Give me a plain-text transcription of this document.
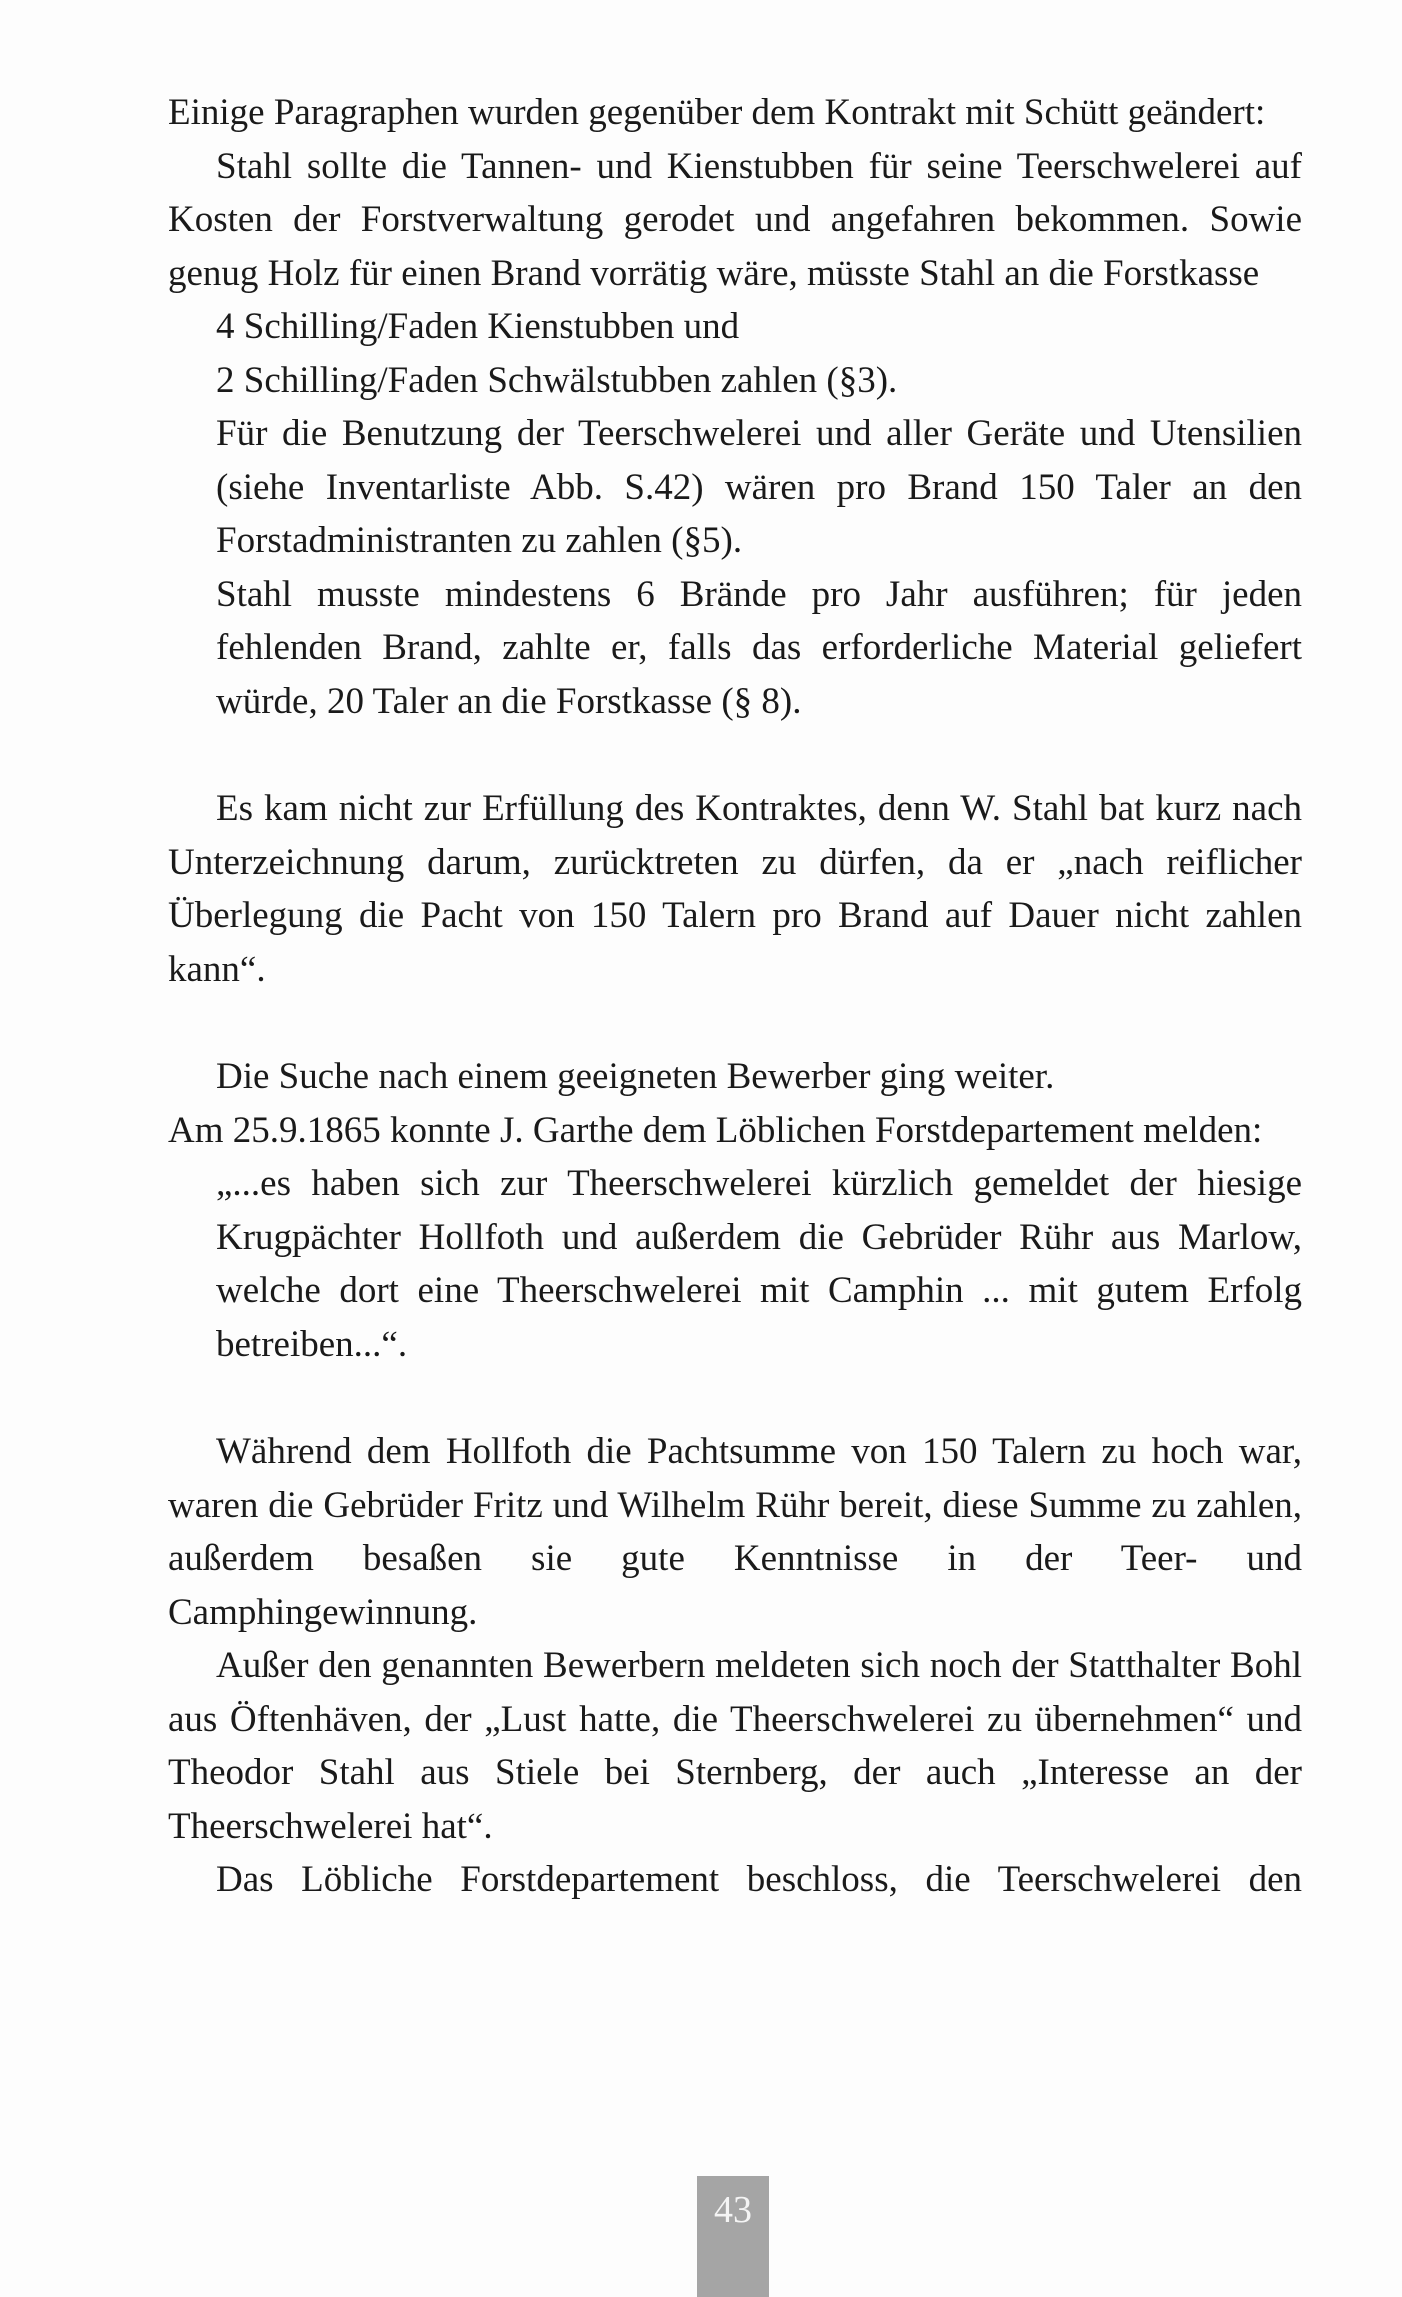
Einige Paragraphen wurden gegenüber dem Kontrakt mit Schütt geändert:

Stahl sollte die Tannen- und Kienstubben für seine Teerschwelerei auf Kosten der Forstverwaltung gerodet und angefahren bekommen. Sowie genug Holz für einen Brand vorrätig wäre, müsste Stahl an die Forstkasse

4 Schilling/Faden Kienstubben und

2 Schilling/Faden Schwälstubben zahlen (§3).

Für die Benutzung der Teerschwelerei und aller Geräte und Utensilien (siehe Inventarliste Abb. S.42) wären pro Brand 150 Taler an den Forstadministranten zu zahlen (§5).

Stahl musste mindestens 6 Brände pro Jahr ausführen; für jeden fehlenden Brand, zahlte er, falls das erforderliche Material geliefert würde, 20 Taler an die Forstkasse (§ 8).

Es kam nicht zur Erfüllung des Kontraktes, denn W. Stahl bat kurz nach Unterzeichnung darum, zurücktreten zu dürfen, da er „nach reiflicher Überlegung die Pacht von 150 Talern pro Brand auf Dauer nicht zahlen kann“.

Die Suche nach einem geeigneten Bewerber ging weiter.

Am 25.9.1865 konnte J. Garthe dem Löblichen Forstdepartement melden:

„...es haben sich zur Theerschwelerei kürzlich gemeldet der hiesige Krugpächter Hollfoth und außerdem die Gebrüder Rühr aus Marlow, welche dort eine Theerschwelerei mit Camphin ... mit gutem Erfolg betreiben...“.

Während dem Hollfoth die Pachtsumme von 150 Talern zu hoch war, waren die Gebrüder Fritz und Wilhelm Rühr bereit, diese Summe zu zahlen, außerdem besaßen sie gute Kenntnisse in der Teer- und Camphingewinnung.

Außer den genannten Bewerbern meldeten sich noch der Statthalter Bohl aus Öftenhäven, der „Lust hatte, die Theerschwelerei zu übernehmen“ und Theodor Stahl aus Stiele bei Sternberg, der auch „Interesse an der Theerschwelerei hat“.

Das Löbliche Forstdepartement beschloss, die Teerschwelerei den

43
